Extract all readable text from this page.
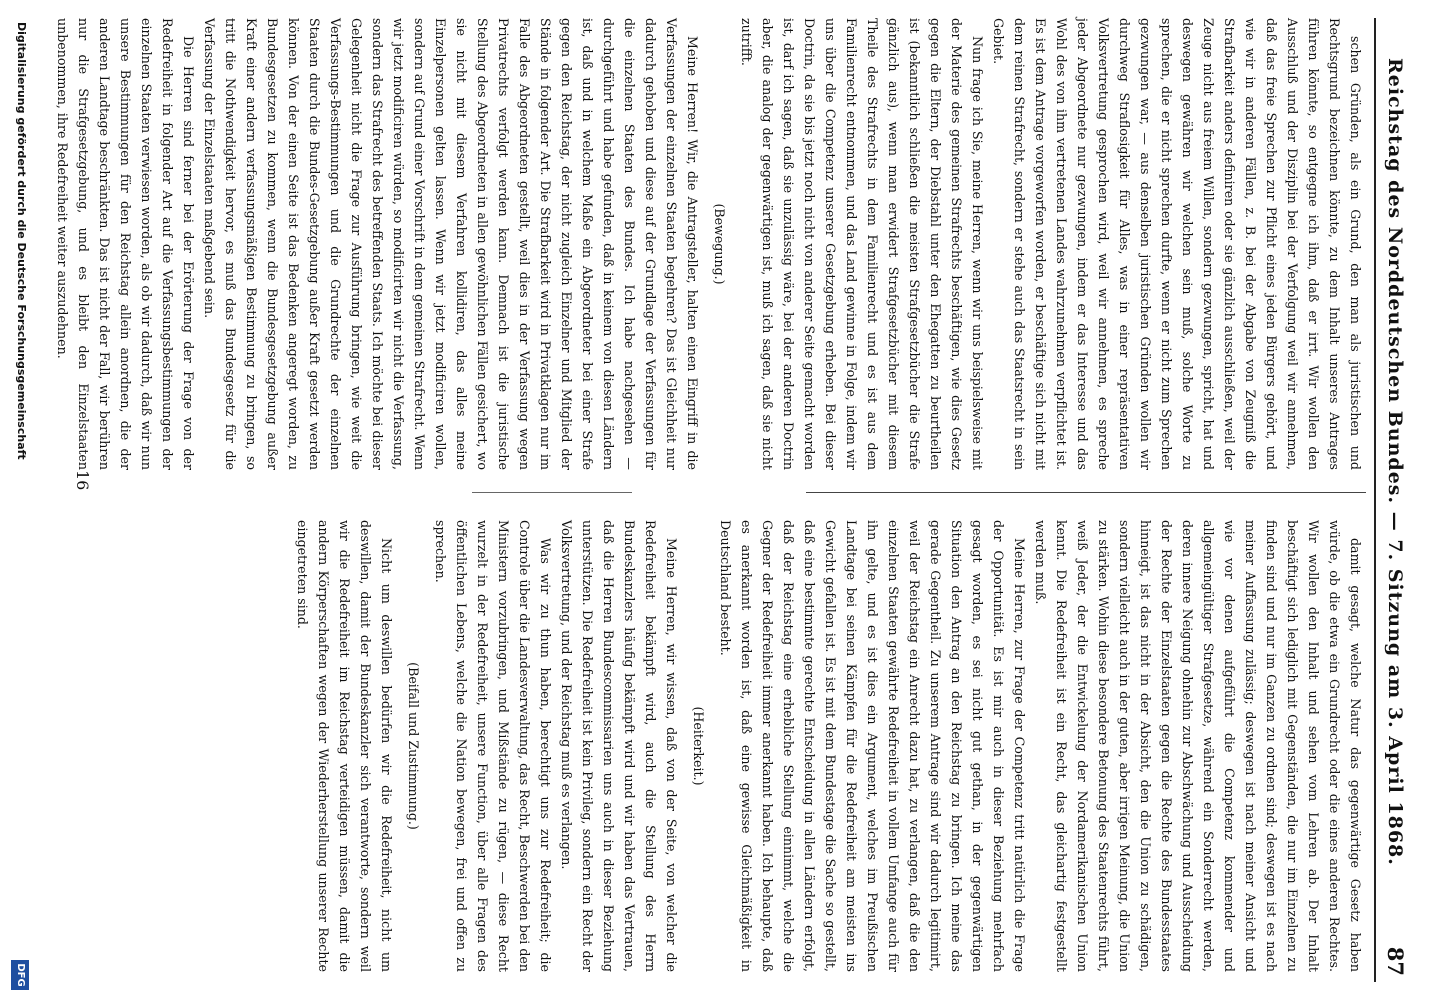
Reichstag des Norddeutschen Bundes. — 7. Sitzung am 3. April 1868.
87

schen Gründen, als ein Grund, den man als juristischen und Rechtsgrund bezeichnen könnte, zu dem Inhalt unseres Antrages führen könnte, so entgegne ich ihm, daß er irrt. Wir wollen den Ausschluß und der Disziplin bei der Verfolgung weil wir annehmen, daß das freie Sprechen zur Pflicht eines jeden Bürgers gehört, und wie wir in anderen Fällen, z. B. bei der Abgabe von Zeugniß die Strafbarkeit anders definiren oder sie gänzlich ausschließen, weil der Zeuge nicht aus freiem Willen, sondern gezwungen, spricht, hat und deswegen gewähren wir welchen sein muß, solche Worte zu sprechen, die er nicht sprechen durfte, wenn er nicht zum Sprechen gezwungen war, — aus denselben juristischen Gründen wollen wir durchweg Straflosigkeit für Alles, was in einer repräsentativen Volksvertretung gesprochen wird, weil wir annehmen, es spreche jeder Abgeordnete nur gezwungen, indem er das Interesse und das Wohl des von ihm vertretenen Landes wahrzunehmen verpflichtet ist. Es ist dem Antrage vorgeworfen worden, er beschäftige sich nicht mit dem reinen Strafrecht, sondern er stehe auch das Staatsrecht in sein Gebiet.

Nun frage ich Sie, meine Herren, wenn wir uns beispielsweise mit der Materie des gemeinen Strafrechts beschäftigen, wie dies Gesetz gegen die Eltern, der Diebstahl unter den Ehegatten zu beurtheilen ist (bekanntlich schließen die meisten Strafgesetzbücher die Strafe gänzlich aus), wenn man erwidert Strafgesetzbücher mit diesem Theile des Strafrechts in dem Familienrecht und es ist aus dem Familienrecht entnommen, und das Land gewinne in Folge, indem wir uns über die Competenz unserer Gesetzgebung erheben. Bei dieser Doctrin, da sie bis jetzt noch nicht von anderer Seite gemacht worden ist, darf ich sagen, daß sie unzulässig wäre, bei der anderen Doctrin aber, die analog der gegenwärtigen ist, muß ich sagen, daß sie nicht zutrifft.

(Bewegung.)

Meine Herren! Wir, die Antragsteller, halten einen Eingriff in die Verfassungen der einzelnen Staaten begehren? Das ist Gleichheit nur dadurch gehoben und diese auf der Grundlage der Verfassungen für die einzelnen Staaten des Bundes. Ich habe nachgesehen — durchgeführt und habe gefunden, daß in keinem von diesen Ländern ist, daß und in welchem Maße ein Abgeordneter bei einer Strafe gegen den Reichstag, der nicht zugleich Einzelner und Mitglied der Stände in folgender Art. Die Strafbarkeit wird in Privatklagen nur im Falle des Abgeordneten gestellt, weil dies in der Verfassung wegen Privatrechts verfolgt werden kann. Demnach ist die juristische Stellung des Abgeordneten in allen gewöhnlichen Fällen gesichert, wo sie nicht mit diesem Verfahren kollidiren, das alles meine Einzelpersonen gelten lassen. Wenn wir jetzt modificiren wollen, sondern auf Grund einer Vorschrift in dem gemeinen Strafrecht. Wenn wir jetzt modificiren würden, so modificirten wir nicht die Verfassung, sondern das Strafrecht des betreffenden Staats. Ich möchte bei dieser Gelegenheit nicht die Frage zur Ausführung bringen, wie weit die Verfassungs-Bestimmungen und die Grundrechte der einzelnen Staaten durch die Bundes-Gesetzgebung außer Kraft gesetzt werden können. Von der einen Seite ist das Bedenken angeregt worden, zu Bundesgesetzen zu kommen, wenn die Bundesgesetzgebung außer Kraft einer andern verfassungsmäßigen Bestimmung zu bringen, so tritt die Nothwendigkeit hervor, es muß das Bundesgesetz für die Verfassung der Einzelstaaten maßgebend sein.

Die Herren sind ferner bei der Erörterung der Frage von der Redefreiheit in folgender Art auf die Verfassungsbestimmungen der einzelnen Staaten verwiesen worden, als ob wir dadurch, daß wir nun unsere Bestimmungen für den Reichstag allein anordnen, die der anderen Landtage beschränkten. Das ist nicht der Fall, wir berühren nur die Strafgesetzgebung, und es bleibt den Einzelstaaten unbenommen, ihre Redefreiheit weiter auszudehnen.

damit gesagt, welche Natur das gegenwärtige Gesetz haben würde, ob die etwa ein Grundrecht oder die eines anderen Rechtes. Wir wollen den Inhalt und sehen vom Lehren ab. Der Inhalt beschäftigt sich lediglich mit Gegenständen, die nur im Einzelnen zu finden sind und nur im Ganzen zu ordnen sind; deswegen ist es nach meiner Auffassung zulässig; deswegen ist nach meiner Ansicht und wie vor denen aufgeführt die Competenz kommender und allgemeingültiger Strafgesetze, während ein Sonderrecht werden, deren innere Neigung ohnehin zur Abschwächung und Ausscheidung der Rechte der Einzelstaaten gegen die Rechte des Bundesstaates hinneigt, ist das nicht in der Absicht, den die Union zu schädigen, sondern vielleicht auch in der guten, aber irrigen Meinung, die Union zu stärken. Wohin diese besondere Betonung des Staatenrechts führt, weiß Jeder, der die Entwickelung der Nordamerikanischen Union kennt. Die Redefreiheit ist ein Recht, das gleichartig festgestellt werden muß.

Meine Herren, zur Frage der Competenz tritt natürlich die Frage der Opportunität. Es ist mir auch in dieser Beziehung mehrfach gesagt worden, es sei nicht gut gethan, in der gegenwärtigen Situation den Antrag an den Reichstag zu bringen. Ich meine das gerade Gegentheil. Zu unserem Antrage sind wir dadurch legitimirt, weil der Reichstag ein Anrecht dazu hat, zu verlangen, daß die den einzelnen Staaten gewährte Redefreiheit in vollem Umfange auch für ihn gelte, und es ist dies ein Argument, welches im Preußischen Landtage bei seinen Kämpfen für die Redefreiheit am meisten ins Gewicht gefallen ist. Es ist mit dem Bundestage die Sache so gestellt, daß eine bestimmte gerechte Entscheidung in allen Ländern erfolgt, daß der Reichstag eine erhebliche Stellung einnimmt, welche die Gegner der Redefreiheit immer anerkannt haben. Ich behaupte, daß es anerkannt worden ist, daß eine gewisse Gleichmäßigkeit in Deutschland besteht.

(Heiterkeit.)

Meine Herren, wir wissen, daß von der Seite, von welcher die Redefreiheit bekämpft wird, auch die Stellung des Herrn Bundeskanzlers häufig bekämpft wird und wir haben das Vertrauen, daß die Herren Bundescommissarien uns auch in dieser Beziehung unterstützen. Die Redefreiheit ist kein Privileg, sondern ein Recht der Volksvertretung, und der Reichstag muß es verlangen.

Was wir zu thun haben, berechtigt uns zur Redefreiheit; die Controle über die Landesverwaltung, das Recht, Beschwerden bei den Ministern vorzubringen, und Mißstände zu rügen, — diese Recht wurzelt in der Redefreiheit, unsere Function, über alle Fragen des öffentlichen Lebens, welche die Nation bewegen, frei und offen zu sprechen.

(Beifall und Zustimmung.)

Nicht um deswillen bedürfen wir die Redefreiheit, nicht um deswillen, damit der Bundeskanzler sich verantworte, sondern weil wir die Redefreiheit im Reichstag verteidigen müssen, damit die andern Körperschaften wegen der Wiederherstellung unserer Rechte eingetreten sind.

16
Digitalisierung gefördert durch die Deutsche Forschungsgemeinschaft
DFG
